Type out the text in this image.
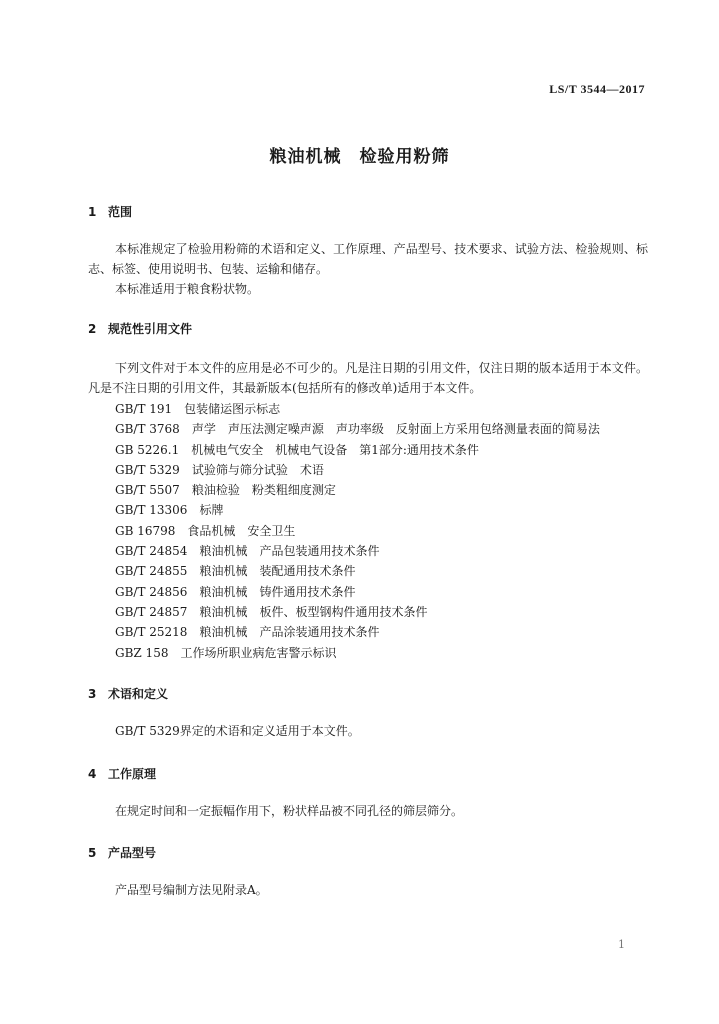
LS/T 3544—2017
粮油机械　检验用粉筛
1 范围
本标准规定了检验用粉筛的术语和定义、工作原理、产品型号、技术要求、试验方法、检验规则、标志、标签、使用说明书、包装、运输和储存。
本标准适用于粮食粉状物。
2 规范性引用文件
下列文件对于本文件的应用是必不可少的。凡是注日期的引用文件，仅注日期的版本适用于本文件。凡是不注日期的引用文件，其最新版本(包括所有的修改单)适用于本文件。
GB/T 191 包装储运图示标志
GB/T 3768 声学　声压法测定噪声源　声功率级　反射面上方采用包络测量表面的简易法
GB 5226.1 机械电气安全　机械电气设备　第1部分:通用技术条件
GB/T 5329 试验筛与筛分试验　术语
GB/T 5507 粮油检验　粉类粗细度测定
GB/T 13306 标牌
GB 16798 食品机械　安全卫生
GB/T 24854 粮油机械　产品包装通用技术条件
GB/T 24855 粮油机械　装配通用技术条件
GB/T 24856 粮油机械　铸件通用技术条件
GB/T 24857 粮油机械　板件、板型钢构件通用技术条件
GB/T 25218 粮油机械　产品涂装通用技术条件
GBZ 158 工作场所职业病危害警示标识
3 术语和定义
GB/T 5329界定的术语和定义适用于本文件。
4 工作原理
在规定时间和一定振幅作用下，粉状样品被不同孔径的筛层筛分。
5 产品型号
产品型号编制方法见附录A。
1
